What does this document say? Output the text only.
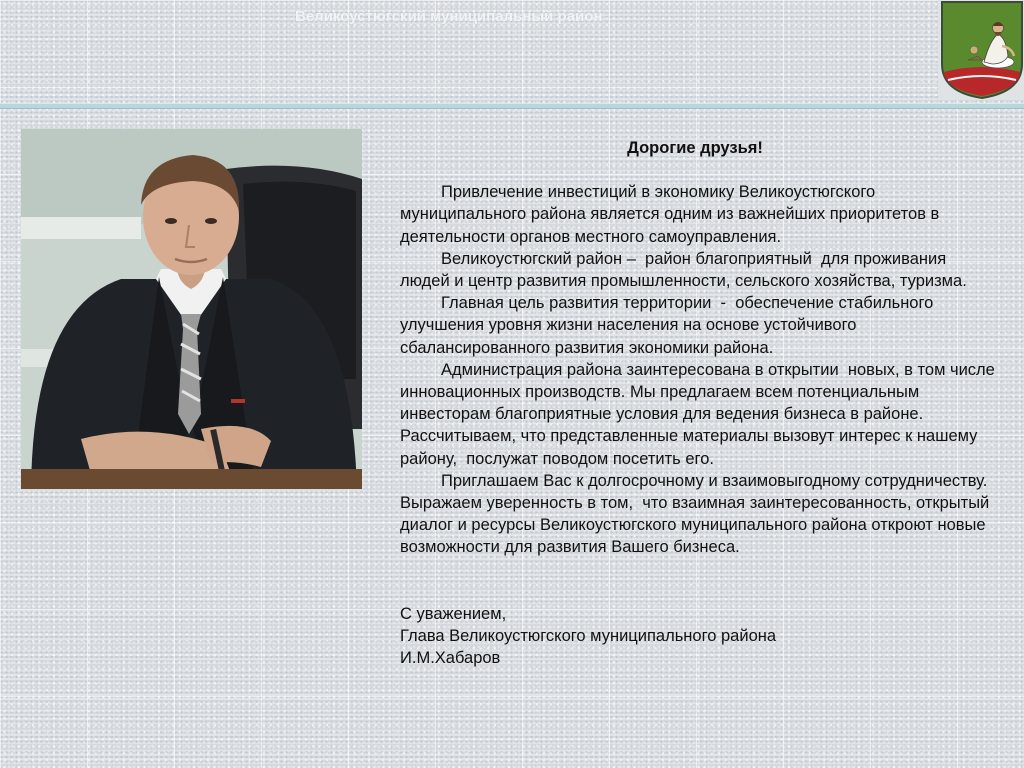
Великоустюгский муниципальный район
Дорогие друзья!

Привлечение инвестиций в экономику Великоустюгского муниципального района является одним из важнейших приоритетов в деятельности органов местного самоуправления.

Великоустюгский район –  район благоприятный  для проживания людей и центр развития промышленности, сельского хозяйства, туризма.

Главная цель развития территории  -  обеспечение стабильного улучшения уровня жизни населения на основе устойчивого сбалансированного развития экономики района.

Администрация района заинтересована в открытии  новых, в том числе инновационных производств. Мы предлагаем всем потенциальным инвесторам благоприятные условия для ведения бизнеса в районе.      Рассчитываем, что представленные материалы вызовут интерес к нашему району,  послужат поводом посетить его.

Приглашаем Вас к долгосрочному и взаимовыгодному сотрудничеству. Выражаем уверенность в том,  что взаимная заинтересованность, открытый диалог и ресурсы Великоустюгского муниципального района откроют новые  возможности для развития Вашего бизнеса.

С уважением,
Глава Великоустюгского муниципального района
И.М.Хабаров
